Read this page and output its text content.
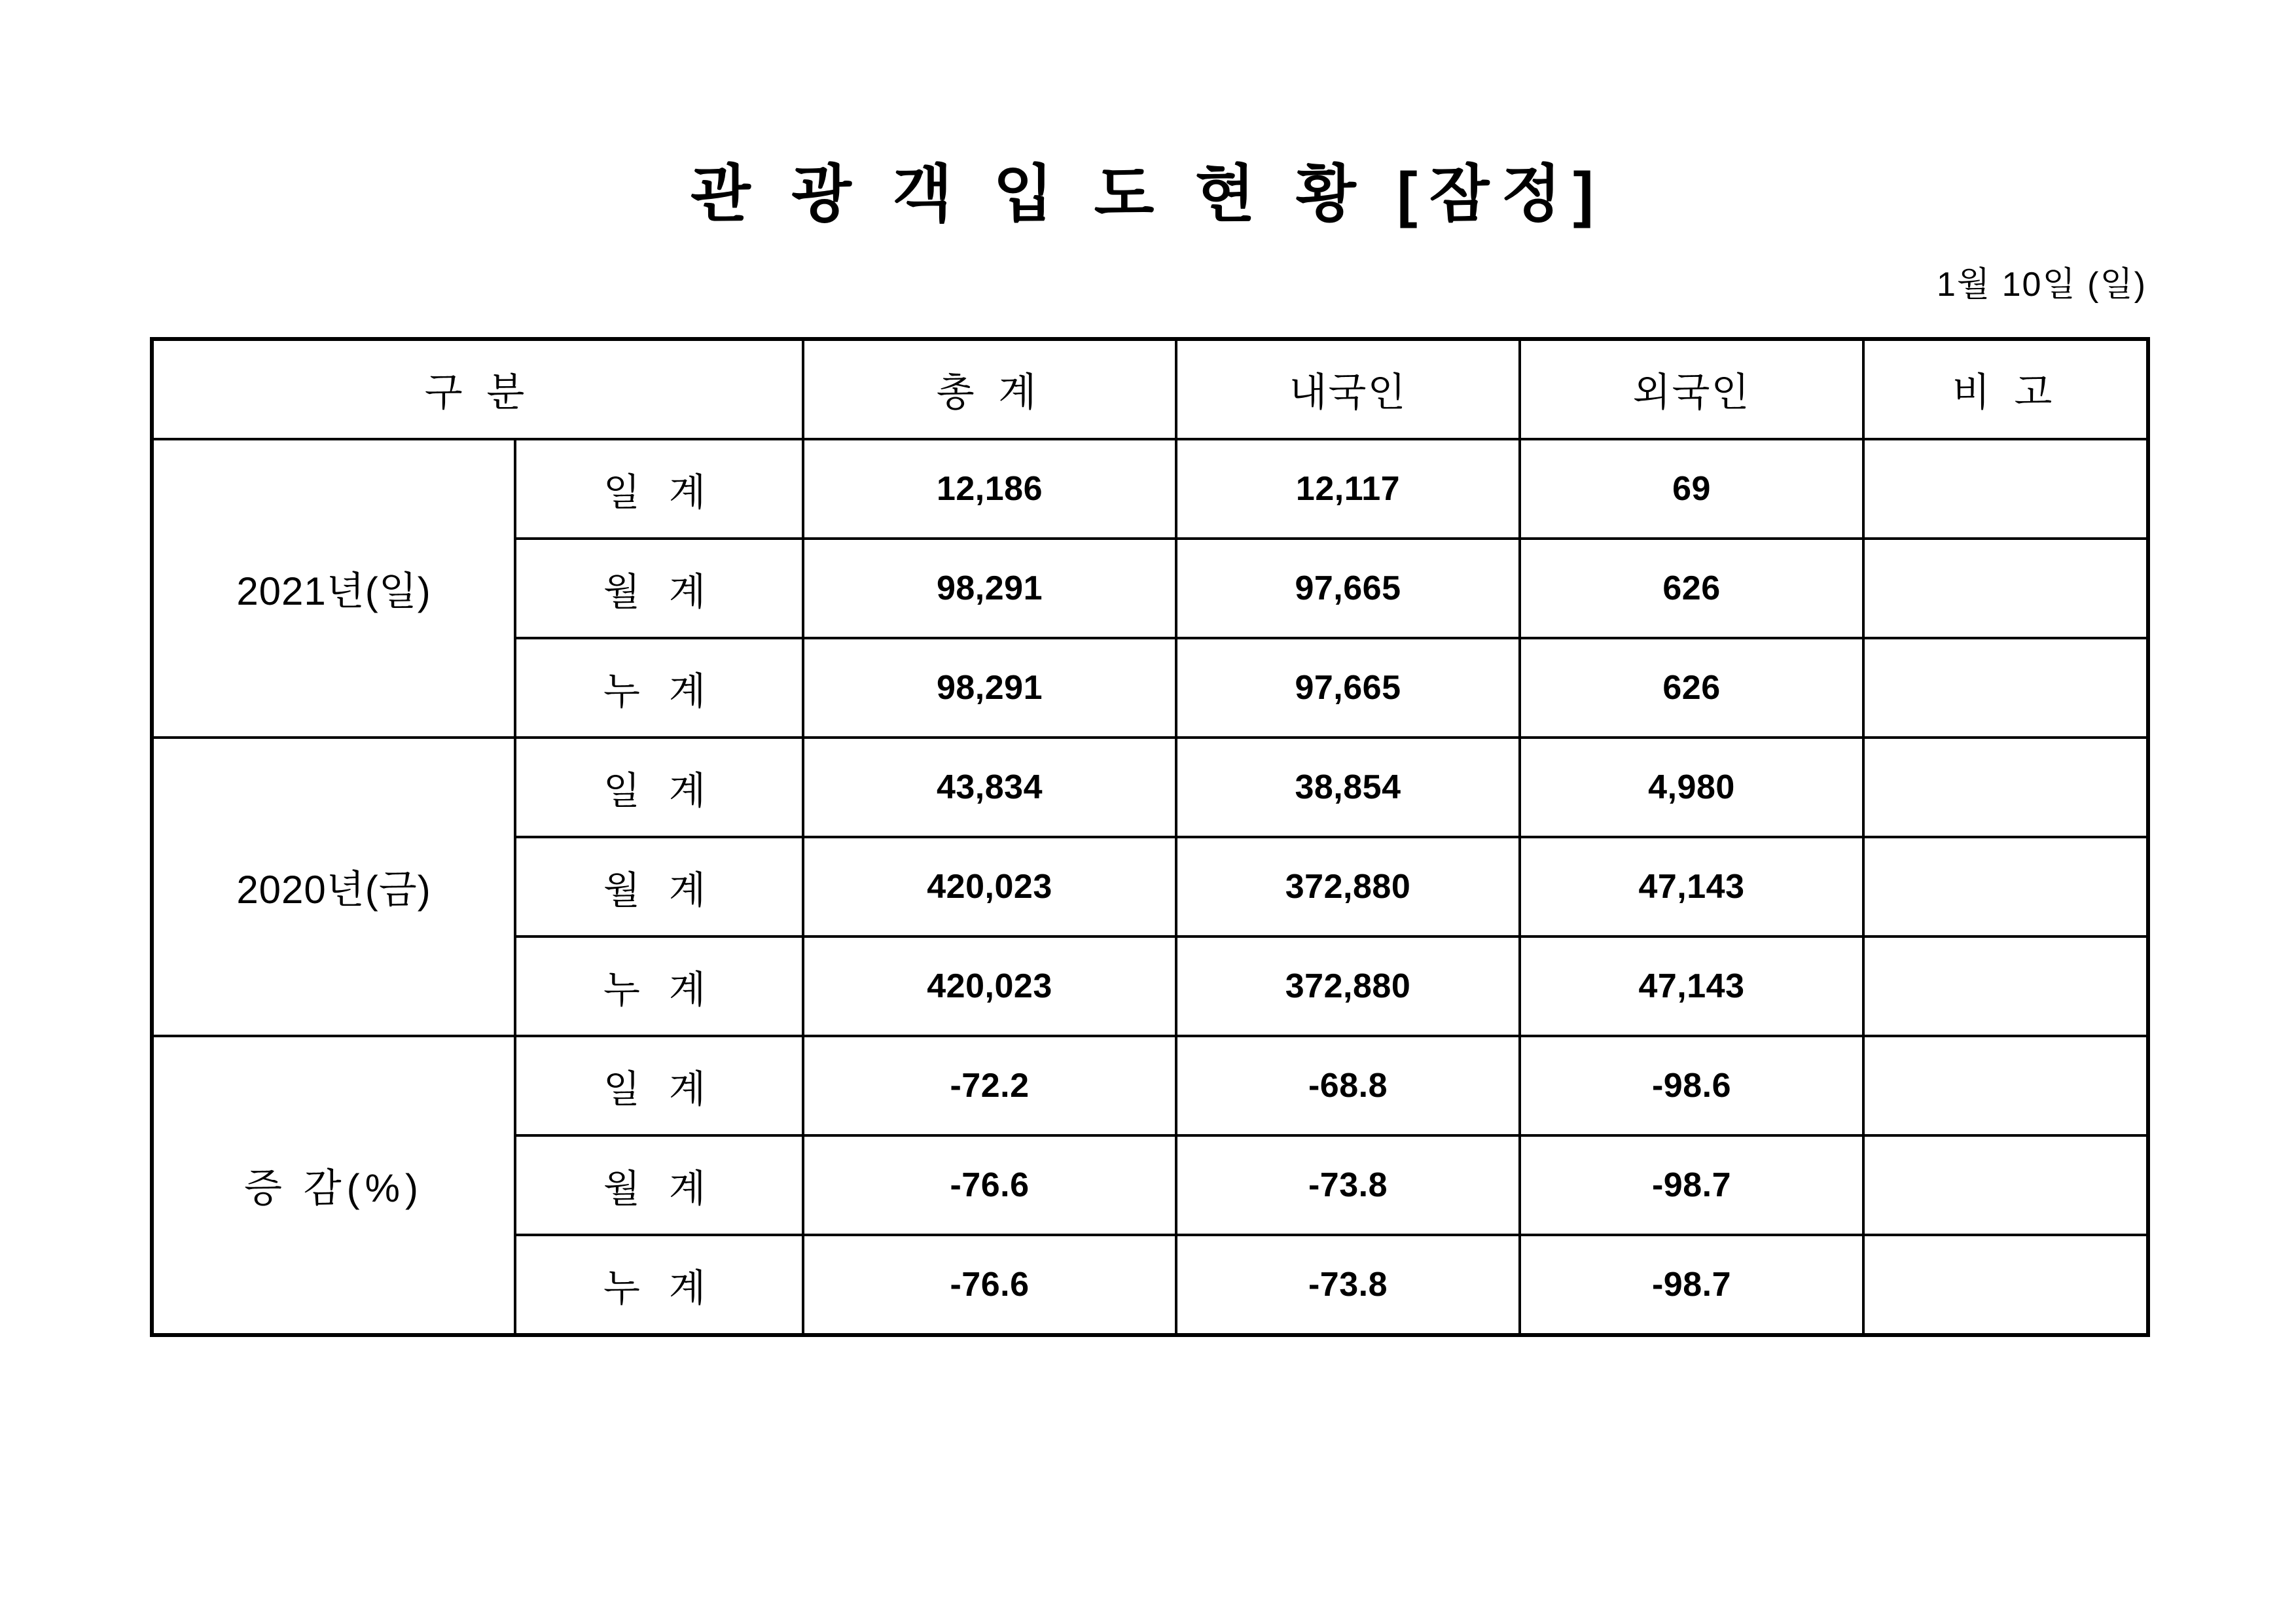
관 광 객 입 도 현 황 [잠정]
1월 10일 (일)
구 분		총 계	내국인	외국인	비 고
2021년(일)	일 계	12,186	12,117	69	
	월 계	98,291	97,665	626	
	누 계	98,291	97,665	626	
2020년(금)	일 계	43,834	38,854	4,980	
	월 계	420,023	372,880	47,143	
	누 계	420,023	372,880	47,143	
증 감(%)	일 계	-72.2	-68.8	-98.6	
	월 계	-76.6	-73.8	-98.7	
	누 계	-76.6	-73.8	-98.7	
